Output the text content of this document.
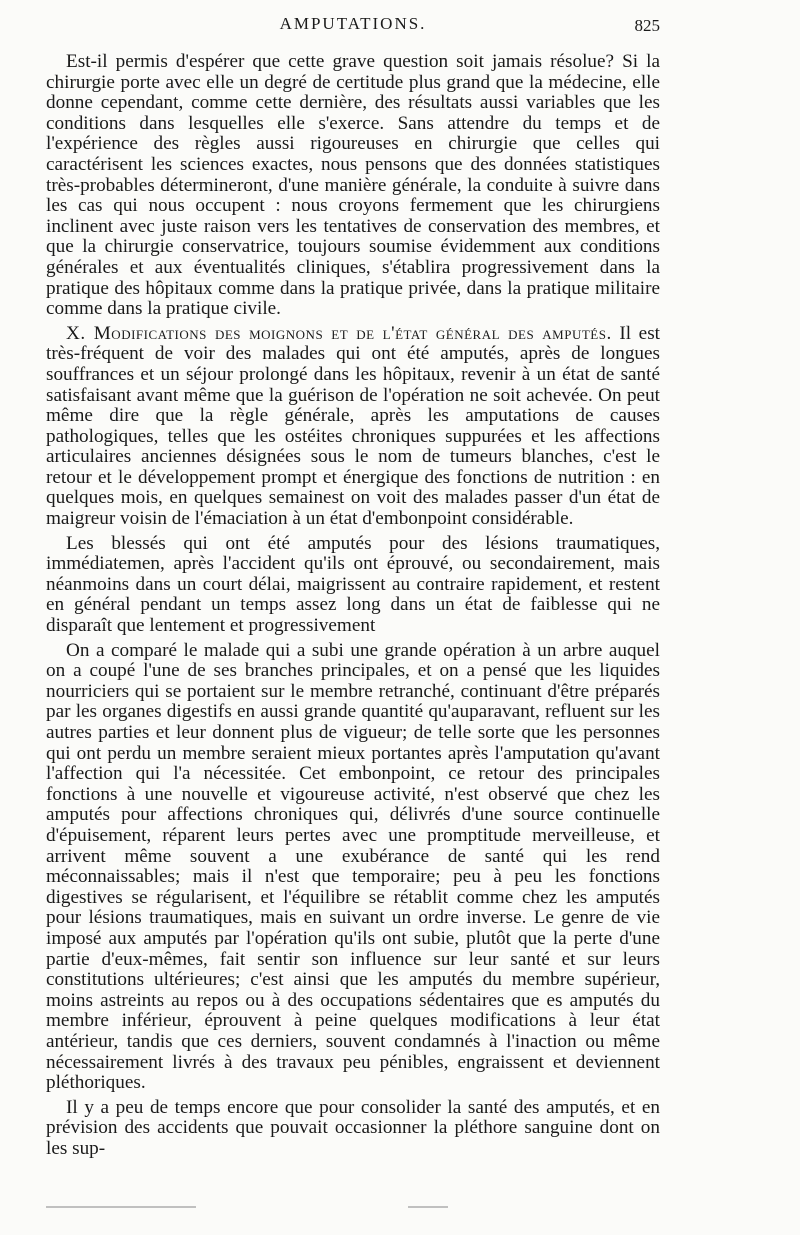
AMPUTATIONS.	825

Est-il permis d'espérer que cette grave question soit jamais résolue? Si la chirurgie porte avec elle un degré de certitude plus grand que la médecine, elle donne cependant, comme cette dernière, des résultats aussi variables que les conditions dans lesquelles elle s'exerce. Sans attendre du temps et de l'expérience des règles aussi rigoureuses en chirurgie que celles qui caractérisent les sciences exactes, nous pensons que des données statistiques très-probables détermineront, d'une manière générale, la conduite à suivre dans les cas qui nous occupent : nous croyons fermement que les chirurgiens inclinent avec juste raison vers les tentatives de conservation des membres, et que la chirurgie conservatrice, toujours soumise évidemment aux conditions générales et aux éventualités cliniques, s'établira progressivement dans la pratique des hôpitaux comme dans la pratique privée, dans la pratique militaire comme dans la pratique civile.

X. Modifications des moignons et de l'état général des amputés. Il est très-fréquent de voir des malades qui ont été amputés, après de longues souffrances et un séjour prolongé dans les hôpitaux, revenir à un état de santé satisfaisant avant même que la guérison de l'opération ne soit achevée. On peut même dire que la règle générale, après les amputations de causes pathologiques, telles que les ostéites chroniques suppurées et les affections articulaires anciennes désignées sous le nom de tumeurs blanches, c'est le retour et le développement prompt et énergique des fonctions de nutrition : en quelques mois, en quelques semainest on voit des malades passer d'un état de maigreur voisin de l'émaciation à un état d'embonpoint considérable.

Les blessés qui ont été amputés pour des lésions traumatiques, immédiatemen, après l'accident qu'ils ont éprouvé, ou secondairement, mais néanmoins dans un court délai, maigrissent au contraire rapidement, et restent en général pendant un temps assez long dans un état de faiblesse qui ne disparaît que lentement et progressivement

On a comparé le malade qui a subi une grande opération à un arbre auquel on a coupé l'une de ses branches principales, et on a pensé que les liquides nourriciers qui se portaient sur le membre retranché, continuant d'être préparés par les organes digestifs en aussi grande quantité qu'auparavant, refluent sur les autres parties et leur donnent plus de vigueur; de telle sorte que les personnes qui ont perdu un membre seraient mieux portantes après l'amputation qu'avant l'affection qui l'a nécessitée. Cet embonpoint, ce retour des principales fonctions à une nouvelle et vigoureuse activité, n'est observé que chez les amputés pour affections chroniques qui, délivrés d'une source continuelle d'épuisement, réparent leurs pertes avec une promptitude merveilleuse, et arrivent même souvent a une exubérance de santé qui les rend méconnaissables; mais il n'est que temporaire; peu à peu les fonctions digestives se régularisent, et l'équilibre se rétablit comme chez les amputés pour lésions traumatiques, mais en suivant un ordre inverse. Le genre de vie imposé aux amputés par l'opération qu'ils ont subie, plutôt que la perte d'une partie d'eux-mêmes, fait sentir son influence sur leur santé et sur leurs constitutions ultérieures; c'est ainsi que les amputés du membre supérieur, moins astreints au repos ou à des occupations sédentaires que es amputés du membre inférieur, éprouvent à peine quelques modifications à leur état antérieur, tandis que ces derniers, souvent condamnés à l'inaction ou même nécessairement livrés à des travaux peu pénibles, engraissent et deviennent pléthoriques.

Il y a peu de temps encore que pour consolider la santé des amputés, et en prévision des accidents que pouvait occasionner la pléthore sanguine dont on les sup-
